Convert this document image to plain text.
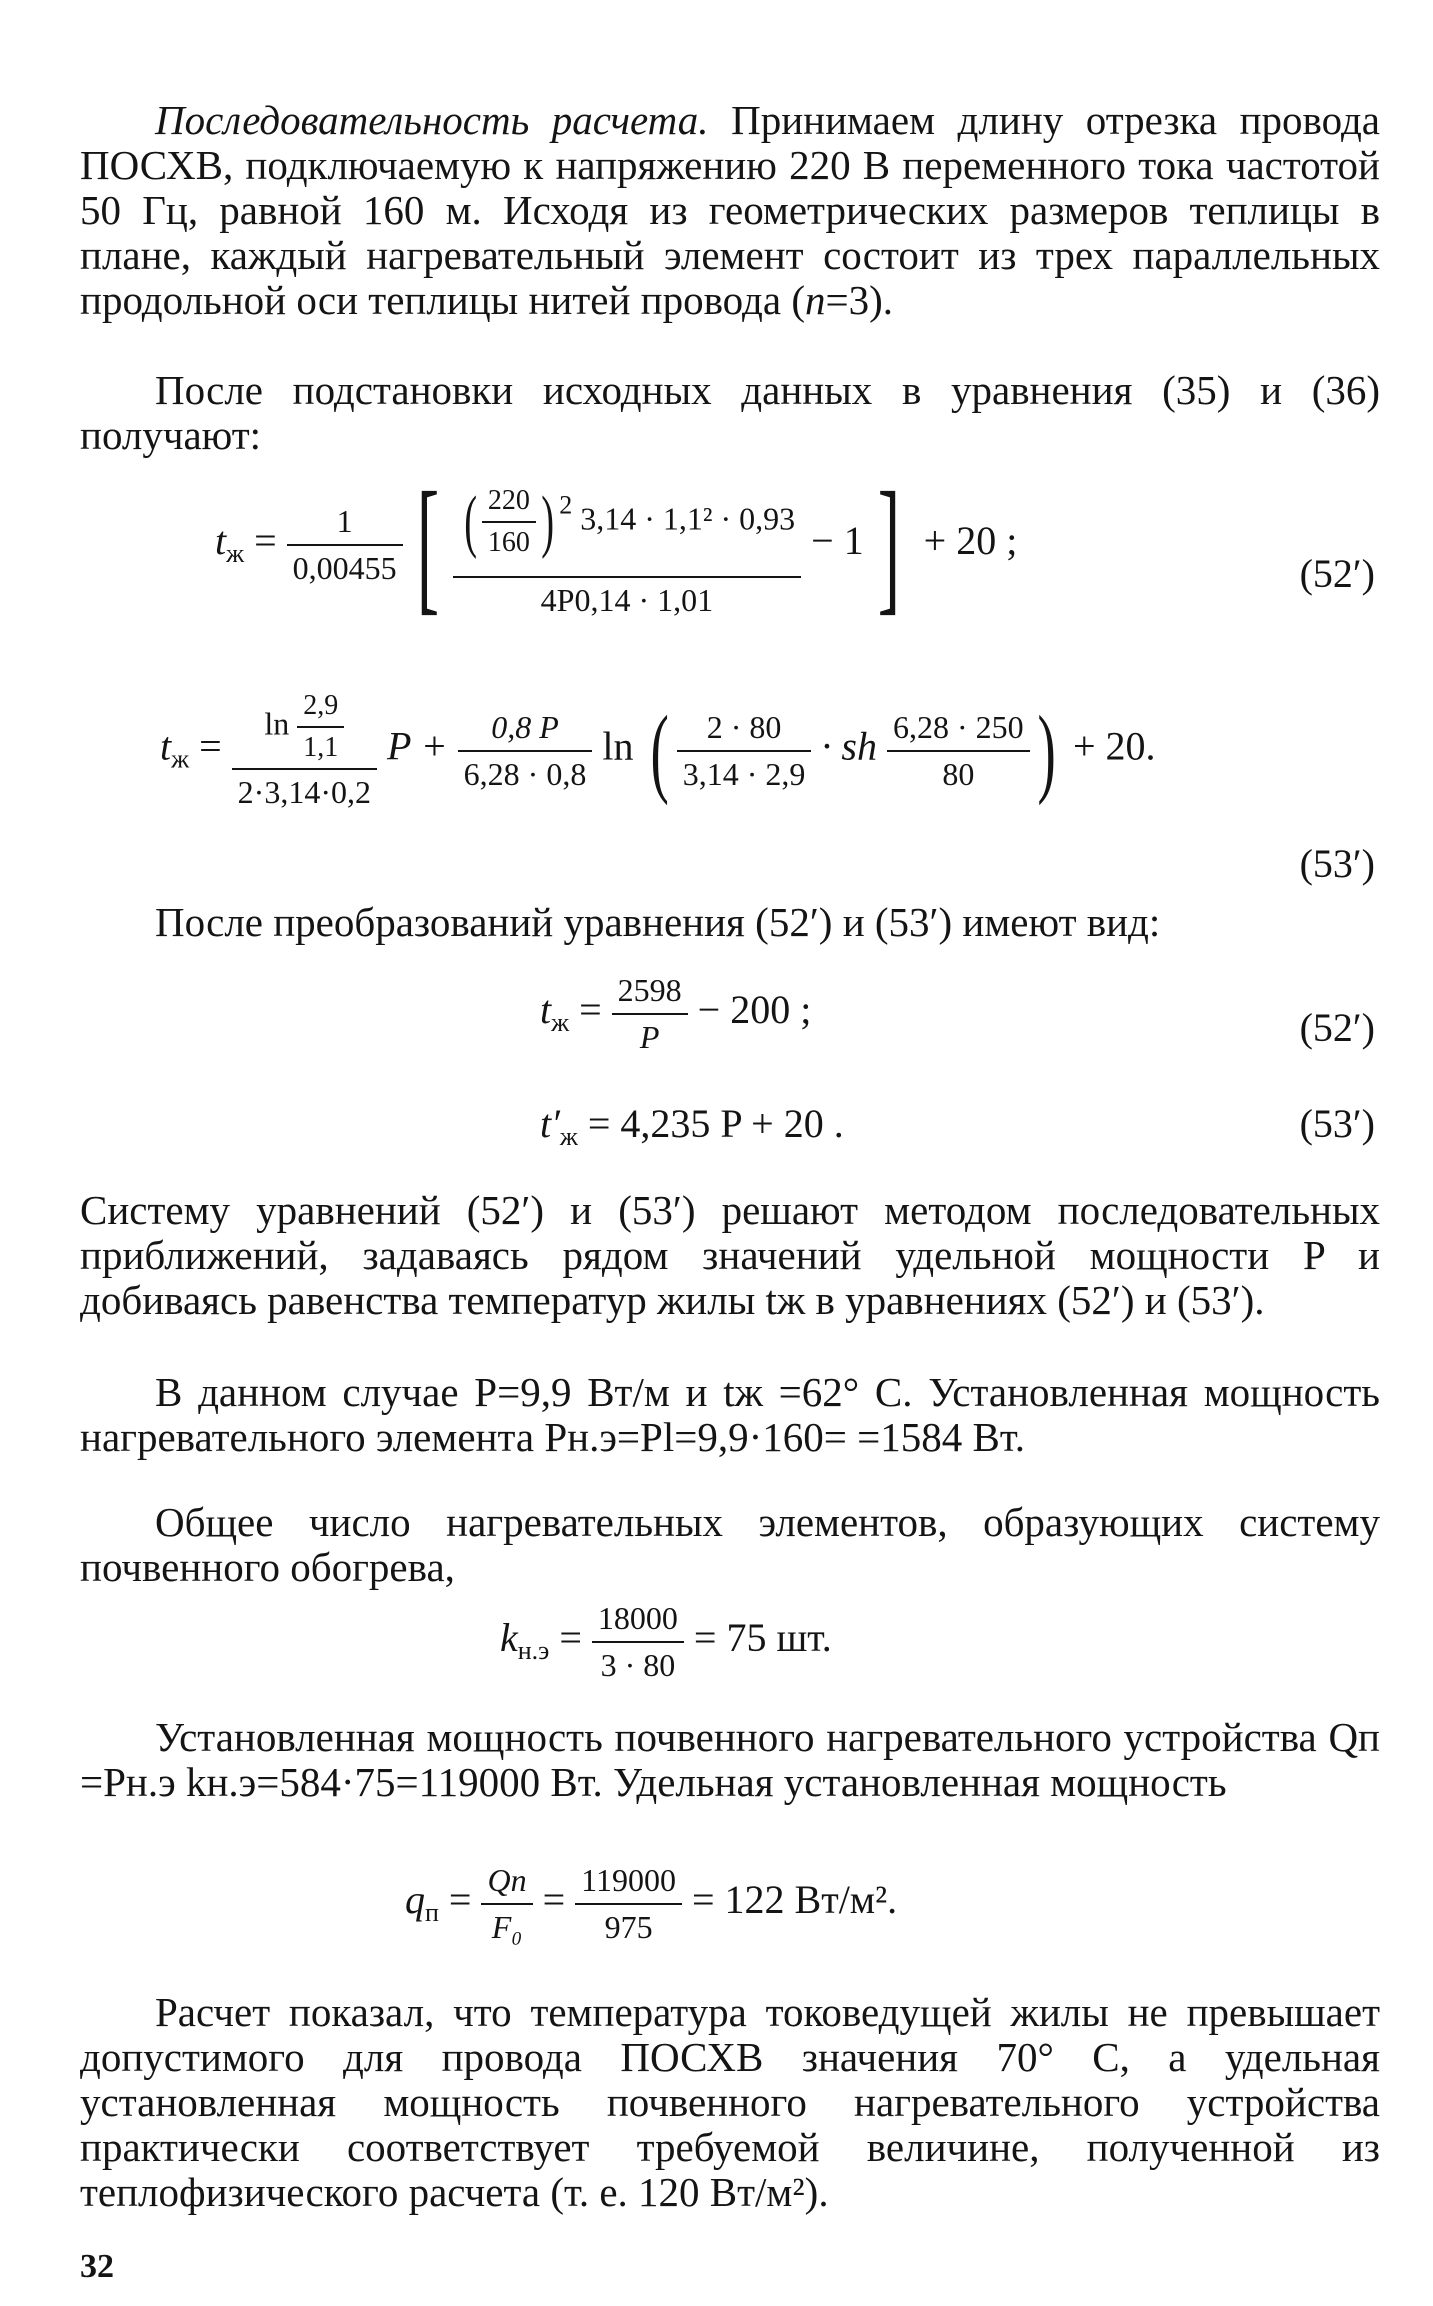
Последовательность расчета. Принимаем длину отрезка провода ПОСХВ, подключаемую к напряжению 220 В переменного тока частотой 50 Гц, равной 160 м. Исходя из геометрических размеров теплицы в плане, каждый нагревательный элемент состоит из трех параллельных продольной оси теплицы нитей провода (n=3).

После подстановки исходных данных в уравнения (35) и (36) получают:

$t_ж = \frac{1}{0,00455}$ [ $\frac{( \frac{220}{160} ) ^2 3,14 \cdot 1,1^2 \cdot 0,93}{4P0,14 \cdot 1,01} - 1] + 20$ ;
(52′)
$t_ж = \frac{\ln \frac{2,9}{1,1}}{2\cdot 3,14\cdot 0,2}$ $P + \frac{0,8 P}{6,28 \cdot 0,8}$ ln ( $\frac{2 \cdot 80}{3,14 \cdot 2,9}$ · sh $\frac{6,28 \cdot 250}{80}$ ) + 20.
(53′)

После преобразований уравнения (52′) и (53′) имеют вид:

$t_ж = \frac{2598}{P} - 200$ ;	(52′)
$t'_ж = 4,235$ P + 20 .	(53′)

Систему уравнений (52′) и (53′) решают методом последовательных приближений, задаваясь рядом значений удельной мощности P и добиваясь равенства температур жилы tж в уравнениях (52′) и (53′).

В данном случае P=9,9 Вт/м и tж =62° С. Установленная мощность нагревательного элемента Pн.э=Pl=9,9·160= =1584 Вт.

Общее число нагревательных элементов, образующих систему почвенного обогрева,

$k_{н.э} = \frac{18000}{3 \cdot 80} = 75$ шт.

Установленная мощность почвенного нагревательного устройства Qп =Pн.э kн.э=584·75=119000 Вт. Удельная установленная мощность

$q_п = \frac{Qп}{\text{F₀}} = \frac{119000}{975} = 122$ Вт/м².

Расчет показал, что температура токоведущей жилы не превышает допустимого для провода ПОСХВ значения 70° С, а удельная установленная мощность почвенного нагревательного устройства практически соответствует требуемой величине, полученной из теплофизического расчета (т. е. 120 Вт/м²).

32
